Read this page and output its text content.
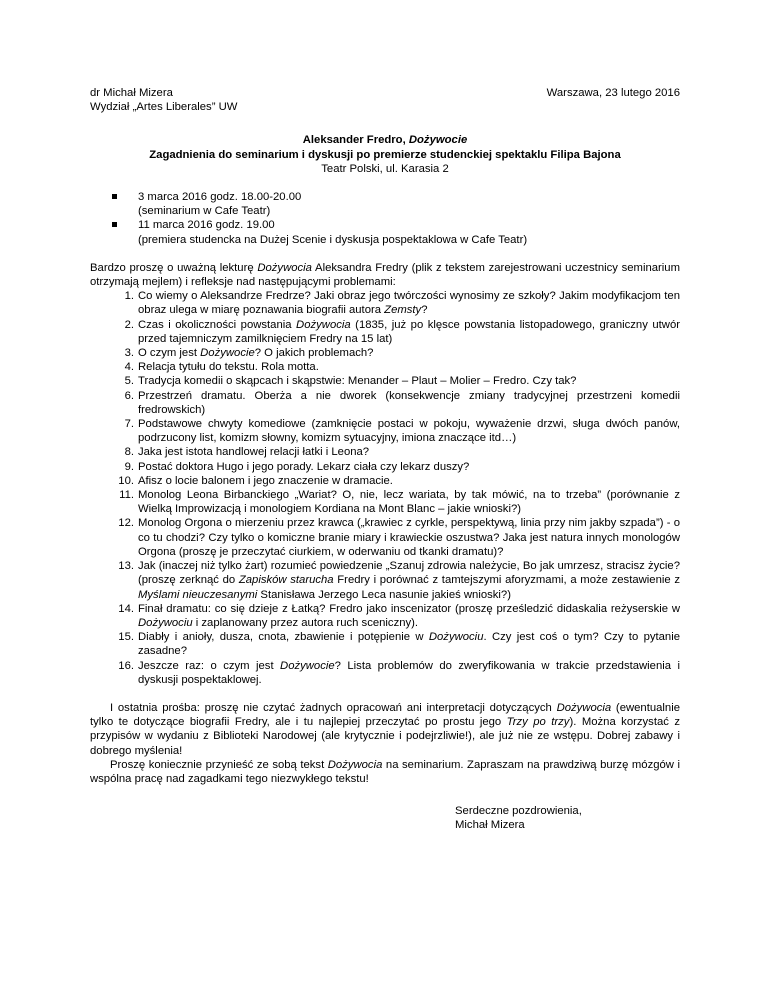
dr Michał Mizera
Wydział „Artes Liberales” UW
Warszawa, 23 lutego 2016
Aleksander Fredro, Dożywocie
Zagadnienia do seminarium i dyskusji po premierze studenckiej spektaklu Filipa Bajona
Teatr Polski, ul. Karasia 2
3 marca 2016 godz. 18.00-20.00
(seminarium w Cafe Teatr)
11 marca 2016 godz. 19.00
(premiera studencka na Dużej Scenie i dyskusja pospektaklowa w Cafe Teatr)
Bardzo proszę o uważną lekturę Dożywocia Aleksandra Fredry (plik z tekstem zarejestrowani uczestnicy seminarium otrzymają mejlem) i refleksje nad następującymi problemami:
1. Co wiemy o Aleksandrze Fredrze? Jaki obraz jego twórczości wynosimy ze szkoły? Jakim modyfikacjom ten obraz ulega w miarę poznawania biografii autora Zemsty?
2. Czas i okoliczności powstania Dożywocia (1835, już po klęsce powstania listopadowego, graniczny utwór przed tajemniczym zamilknięciem Fredry na 15 lat)
3. O czym jest Dożywocie? O jakich problemach?
4. Relacja tytułu do tekstu. Rola motta.
5. Tradycja komedii o skąpcach i skąpstwie: Menander – Plaut – Molier – Fredro. Czy tak?
6. Przestrzeń dramatu. Oberża a nie dworek (konsekwencje zmiany tradycyjnej przestrzeni komedii fredrowskich)
7. Podstawowe chwyty komediowe (zamknięcie postaci w pokoju, wyważenie drzwi, sługa dwóch panów, podrzucony list, komizm słowny, komizm sytuacyjny, imiona znaczące itd…)
8. Jaka jest istota handlowej relacji łatki i Leona?
9. Postać doktora Hugo i jego porady. Lekarz ciała czy lekarz duszy?
10. Afisz o locie balonem i jego znaczenie w dramacie.
11. Monolog Leona Birbanckiego „Wariat? O, nie, lecz wariata, by tak mówić, na to trzeba” (porównanie z Wielką Improwizacją i monologiem Kordiana na Mont Blanc – jakie wnioski?)
12. Monolog Orgona o mierzeniu przez krawca („krawiec z cyrkle, perspektywą, linia przy nim jakby szpada”) - o co tu chodzi? Czy tylko o komiczne branie miary i krawieckie oszustwa? Jaka jest natura innych monologów Orgona (proszę je przeczytać ciurkiem, w oderwaniu od tkanki dramatu)?
13. Jak (inaczej niż tylko żart) rozumieć powiedzenie „Szanuj zdrowia należycie, Bo jak umrzesz, stracisz życie? (proszę zerknąć do Zapisków starucha Fredry i porównać z tamtejszymi aforyzmami, a może zestawienie z Myślami nieuczesanymi Stanisława Jerzego Leca nasunie jakieś wnioski?)
14. Finał dramatu: co się dzieje z Łatką? Fredro jako inscenizator (proszę prześledzić didaskalia reżyserskie w Dożywociu i zaplanowany przez autora ruch sceniczny).
15. Diabły i anioły, dusza, cnota, zbawienie i potępienie w Dożywociu. Czy jest coś o tym? Czy to pytanie zasadne?
16. Jeszcze raz: o czym jest Dożywocie? Lista problemów do zweryfikowania w trakcie przedstawienia i dyskusji pospektaklowej.

I ostatnia prośba: proszę nie czytać żadnych opracowań ani interpretacji dotyczących Dożywocia (ewentualnie tylko te dotyczące biografii Fredry, ale i tu najlepiej przeczytać po prostu jego Trzy po trzy). Można korzystać z przypisów w wydaniu z Biblioteki Narodowej (ale krytycznie i podejrzliwie!), ale już nie ze wstępu. Dobrej zabawy i dobrego myślenia!

Proszę koniecznie przynieść ze sobą tekst Dożywocia na seminarium. Zapraszam na prawdziwą burzę mózgów i wspólna pracę nad zagadkami tego niezwykłego tekstu!

Serdeczne pozdrowienia,
Michał Mizera
